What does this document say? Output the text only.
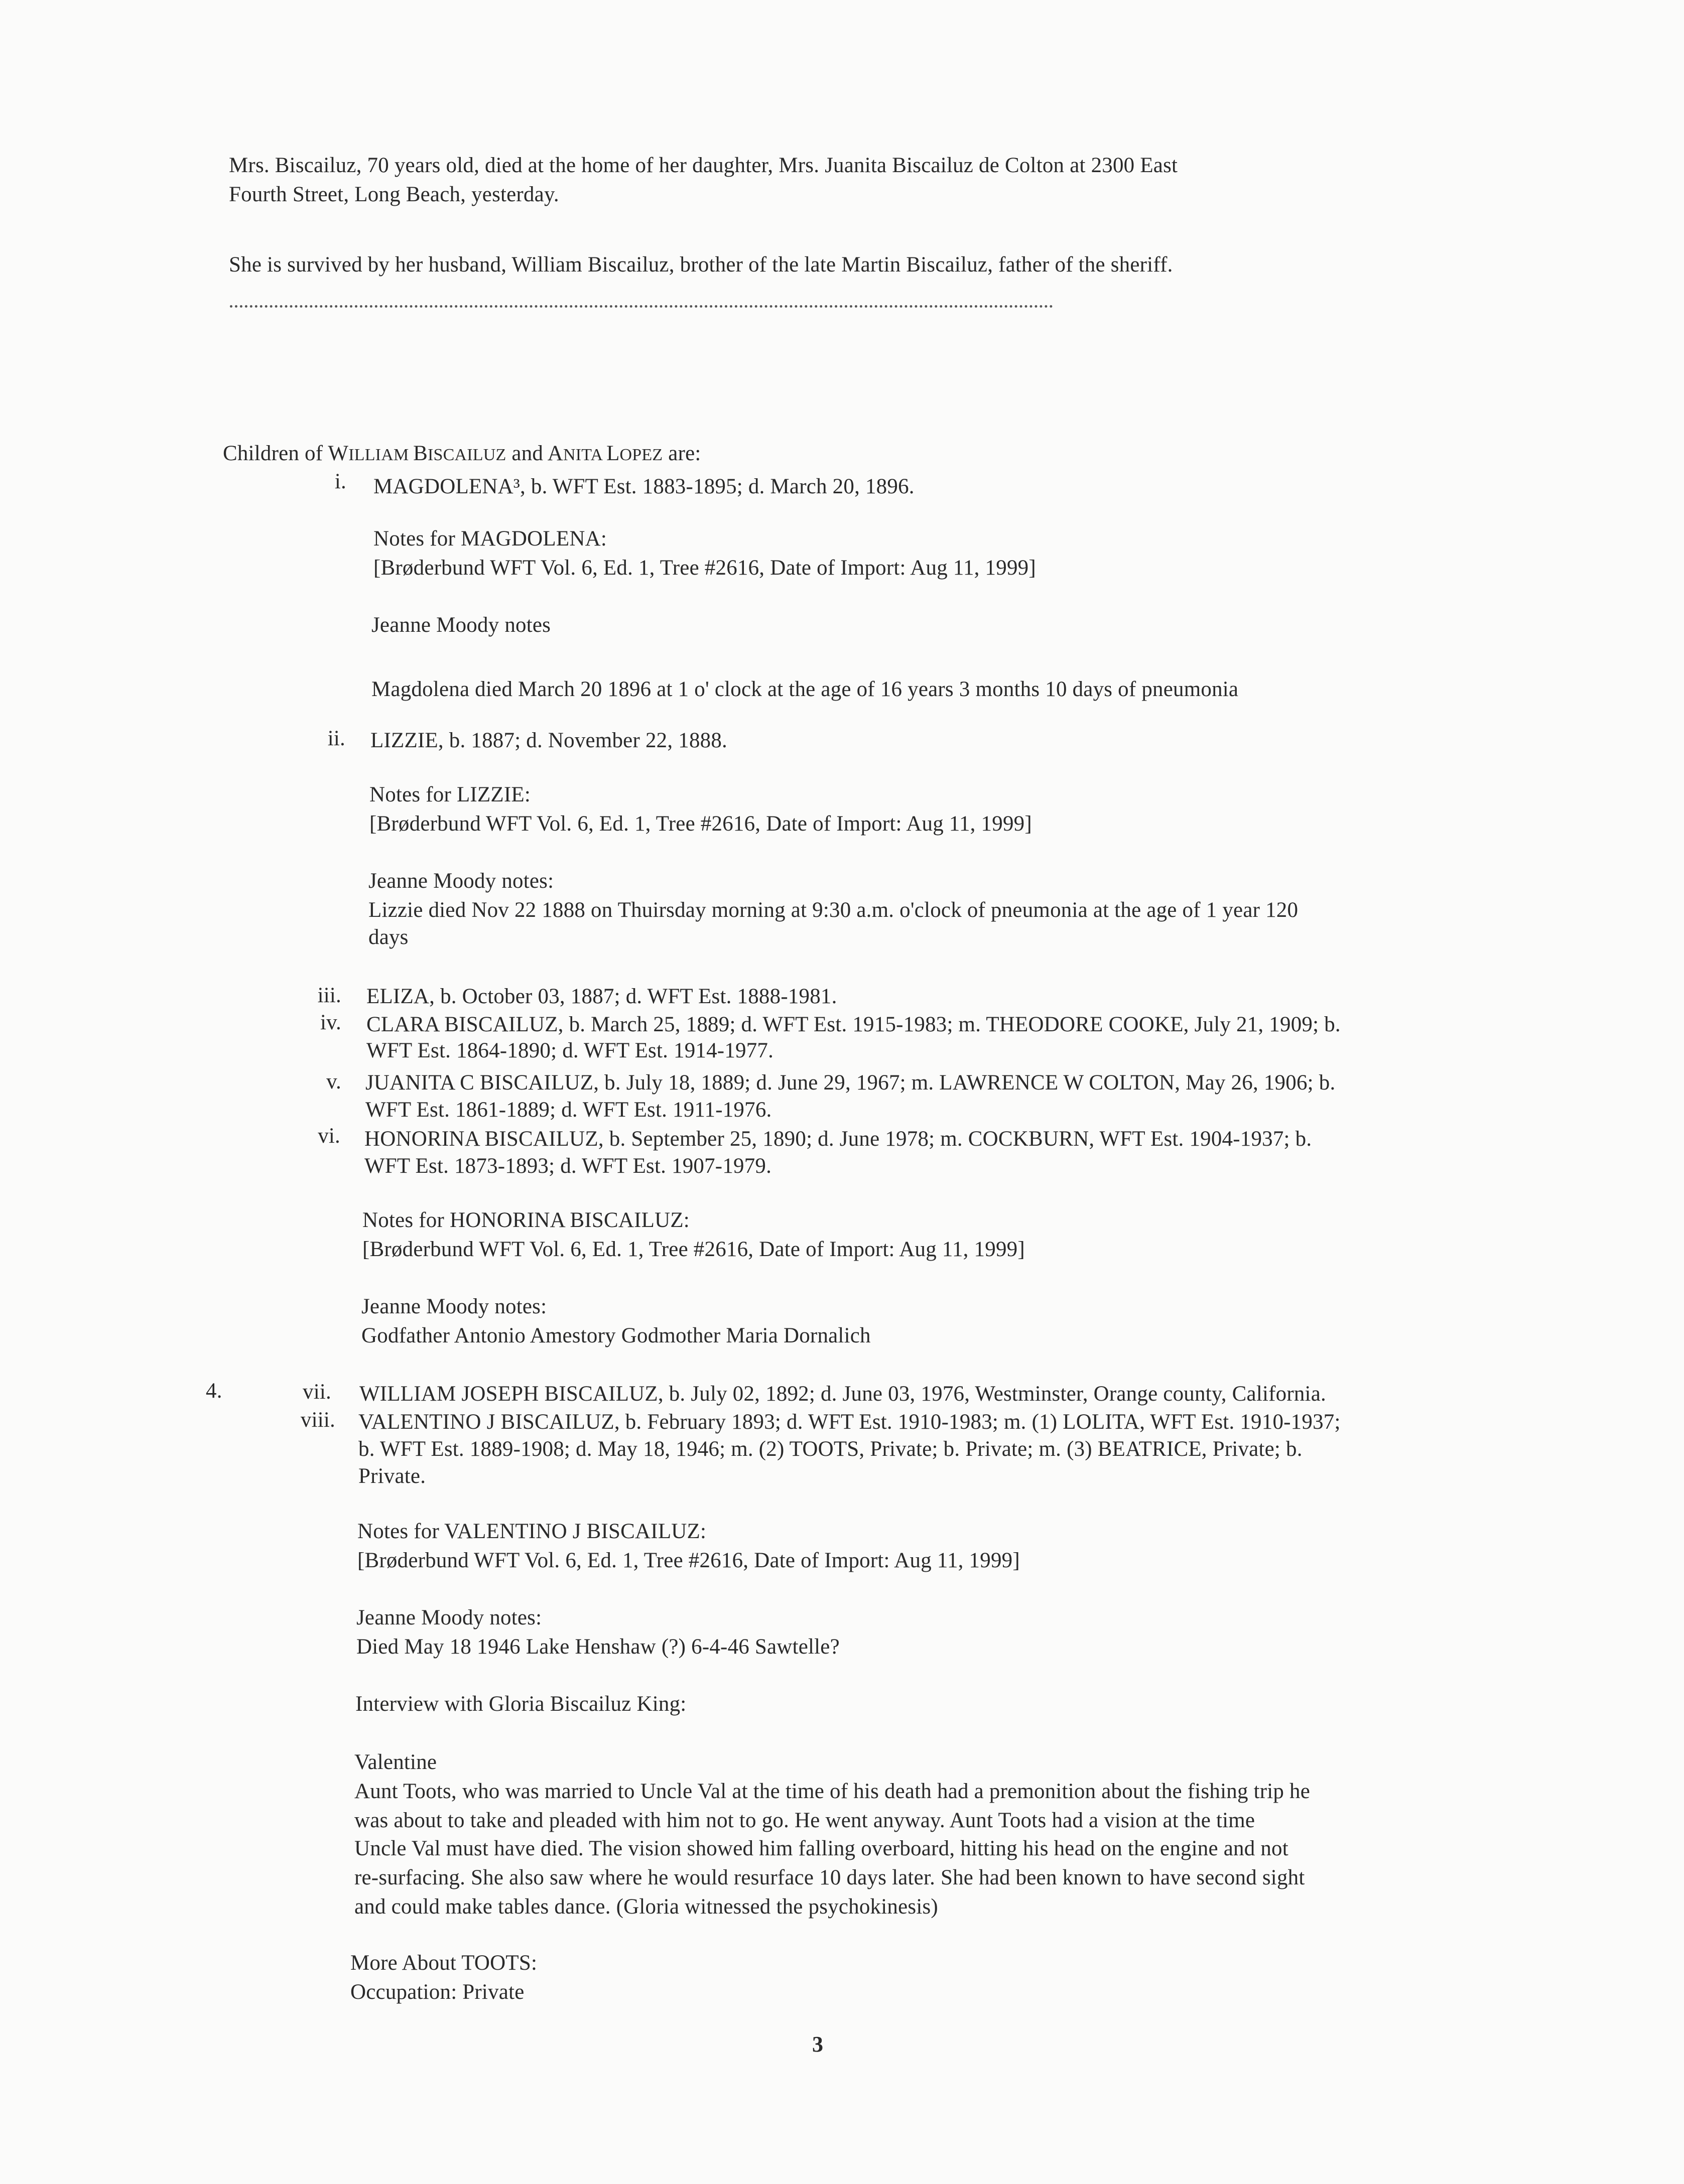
Mrs. Biscailuz, 70 years old, died at the home of her daughter, Mrs. Juanita Biscailuz de Colton at 2300 East
Fourth Street, Long Beach, yesterday.
She is survived by her husband, William Biscailuz, brother of the late Martin Biscailuz, father of the sheriff.
Children of WILLIAM BISCAILUZ and ANITA LOPEZ are:
i. MAGDOLENA³, b. WFT Est. 1883-1895; d. March 20, 1896.
Notes for MAGDOLENA:
[Brøderbund WFT Vol. 6, Ed. 1, Tree #2616, Date of Import: Aug 11, 1999]
Jeanne Moody notes
Magdolena died March 20 1896 at 1 o' clock at the age of 16 years 3 months 10 days of pneumonia
ii. LIZZIE, b. 1887; d. November 22, 1888.
Notes for LIZZIE:
[Brøderbund WFT Vol. 6, Ed. 1, Tree #2616, Date of Import: Aug 11, 1999]
Jeanne Moody notes:
Lizzie died Nov 22 1888 on Thuirsday morning at 9:30 a.m. o'clock of pneumonia at the age of 1 year 120
days
iii. ELIZA, b. October 03, 1887; d. WFT Est. 1888-1981.
iv. CLARA BISCAILUZ, b. March 25, 1889; d. WFT Est. 1915-1983; m. THEODORE COOKE, July 21, 1909; b.
WFT Est. 1864-1890; d. WFT Est. 1914-1977.
v. JUANITA C BISCAILUZ, b. July 18, 1889; d. June 29, 1967; m. LAWRENCE W COLTON, May 26, 1906; b.
WFT Est. 1861-1889; d. WFT Est. 1911-1976.
vi. HONORINA BISCAILUZ, b. September 25, 1890; d. June 1978; m. COCKBURN, WFT Est. 1904-1937; b.
WFT Est. 1873-1893; d. WFT Est. 1907-1979.
Notes for HONORINA BISCAILUZ:
[Brøderbund WFT Vol. 6, Ed. 1, Tree #2616, Date of Import: Aug 11, 1999]
Jeanne Moody notes:
Godfather Antonio Amestory Godmother Maria Dornalich
4.	vii. WILLIAM JOSEPH BISCAILUZ, b. July 02, 1892; d. June 03, 1976, Westminster, Orange county, California.
viii. VALENTINO J BISCAILUZ, b. February 1893; d. WFT Est. 1910-1983; m. (1) LOLITA, WFT Est. 1910-1937;
b. WFT Est. 1889-1908; d. May 18, 1946; m. (2) TOOTS, Private; b. Private; m. (3) BEATRICE, Private; b.
Private.
Notes for VALENTINO J BISCAILUZ:
[Brøderbund WFT Vol. 6, Ed. 1, Tree #2616, Date of Import: Aug 11, 1999]
Jeanne Moody notes:
Died May 18 1946 Lake Henshaw (?) 6-4-46 Sawtelle?
Interview with Gloria Biscailuz King:
Valentine
Aunt Toots, who was married to Uncle Val at the time of his death had a premonition about the fishing trip he
was about to take and pleaded with him not to go. He went anyway. Aunt Toots had a vision at the time
Uncle Val must have died. The vision showed him falling overboard, hitting his head on the engine and not
re-surfacing. She also saw where he would resurface 10 days later. She had been known to have second sight
and could make tables dance. (Gloria witnessed the psychokinesis)
More About TOOTS:
Occupation: Private
3
